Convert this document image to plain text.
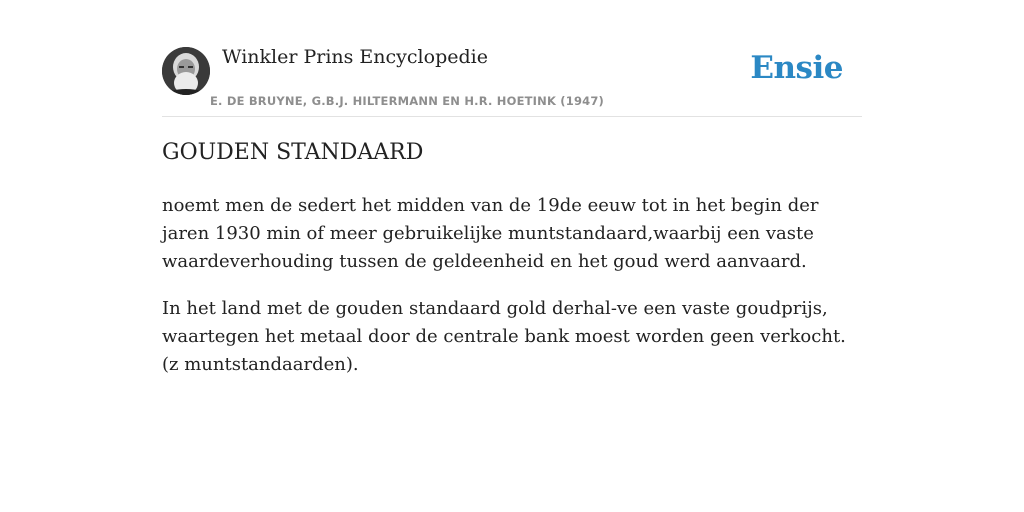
Winkler Prins Encyclopedie
E. DE BRUYNE, G.B.J. HILTERMANN EN H.R. HOETINK (1947)
Ensie
GOUDEN STANDAARD

noemt men de sedert het midden van de 19de eeuw tot in het begin der jaren 1930 min of meer gebruikelijke muntstandaard,waarbij een vaste waardeverhouding tussen de geldeenheid en het goud werd aanvaard.

In het land met de gouden standaard gold derhal-ve een vaste goudprijs, waartegen het metaal door de centrale bank moest worden geen verkocht. (z muntstandaarden).
